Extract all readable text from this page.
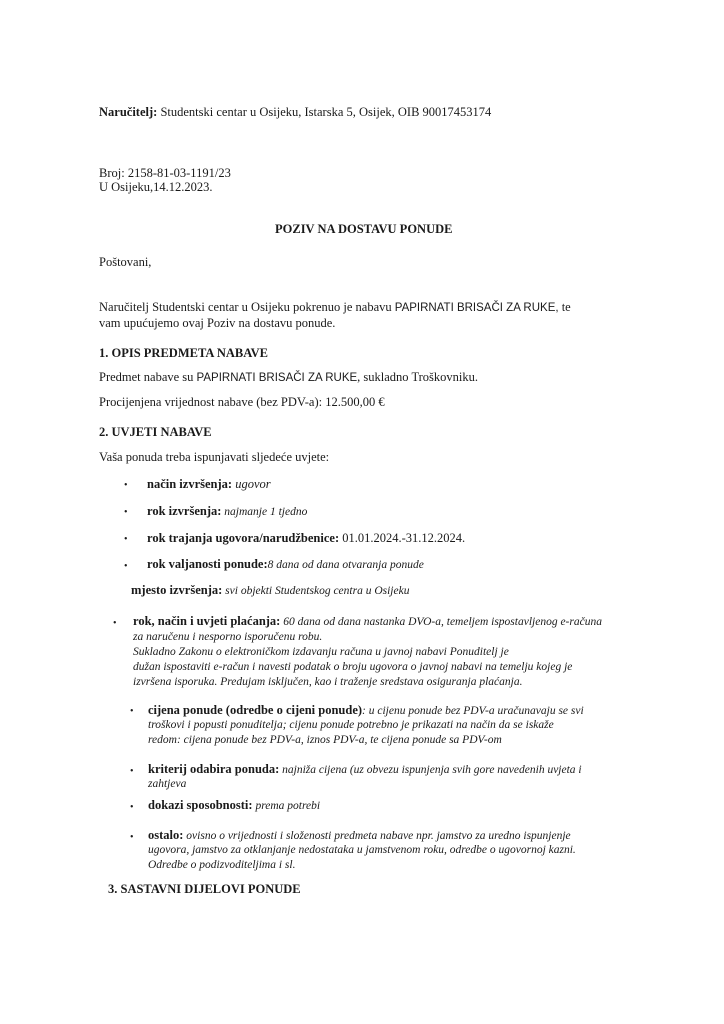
Naručitelj: Studentski centar u Osijeku, Istarska 5, Osijek, OIB 90017453174
Broj: 2158-81-03-1191/23
U Osijeku,14.12.2023.
POZIV NA DOSTAVU PONUDE
Poštovani,
Naručitelj Studentski centar u Osijeku pokrenuo je nabavu PAPIRNATI BRISAČI ZA RUKE, te
vam upućujemo ovaj Poziv na dostavu ponude.
1. OPIS PREDMETA NABAVE
Predmet nabave su PAPIRNATI BRISAČI ZA RUKE, sukladno Troškovniku.
Procijenjena vrijednost nabave (bez PDV-a): 12.500,00 €
2. UVJETI NABAVE
Vaša ponuda treba ispunjavati sljedeće uvjete:
• način izvršenja: ugovor
• rok izvršenja: najmanje 1 tjedno
• rok trajanja ugovora/narudžbenice: 01.01.2024.-31.12.2024.
• rok valjanosti ponude:8 dana od dana otvaranja ponude
mjesto izvršenja: svi objekti Studentskog centra u Osijeku
• rok, način i uvjeti plaćanja: 60 dana od dana nastanka DVO-a, temeljem ispostavljenog e-računa
za naručenu i nesporno isporučenu robu.
Sukladno Zakonu o elektroničkom izdavanju računa u javnoj nabavi Ponuditelj je
dužan ispostaviti e-račun i navesti podatak o broju ugovora o javnoj nabavi na temelju kojeg je
izvršena isporuka. Predujam isključen, kao i traženje sredstava osiguranja plaćanja.
• cijena ponude (odredbe o cijeni ponude): u cijenu ponude bez PDV-a uračunavaju se svi
troškovi i popusti ponuditelja; cijenu ponude potrebno je prikazati na način da se iskaže
redom: cijena ponude bez PDV-a, iznos PDV-a, te cijena ponude sa PDV-om
• kriterij odabira ponuda: najniža cijena (uz obvezu ispunjenja svih gore navedenih uvjeta i
zahtjeva
• dokazi sposobnosti: prema potrebi
• ostalo: ovisno o vrijednosti i složenosti predmeta nabave npr. jamstvo za uredno ispunjenje
ugovora, jamstvo za otklanjanje nedostataka u jamstvenom roku, odredbe o ugovornoj kazni.
Odredbe o podizvoditeljima i sl.
3. SASTAVNI DIJELOVI PONUDE
